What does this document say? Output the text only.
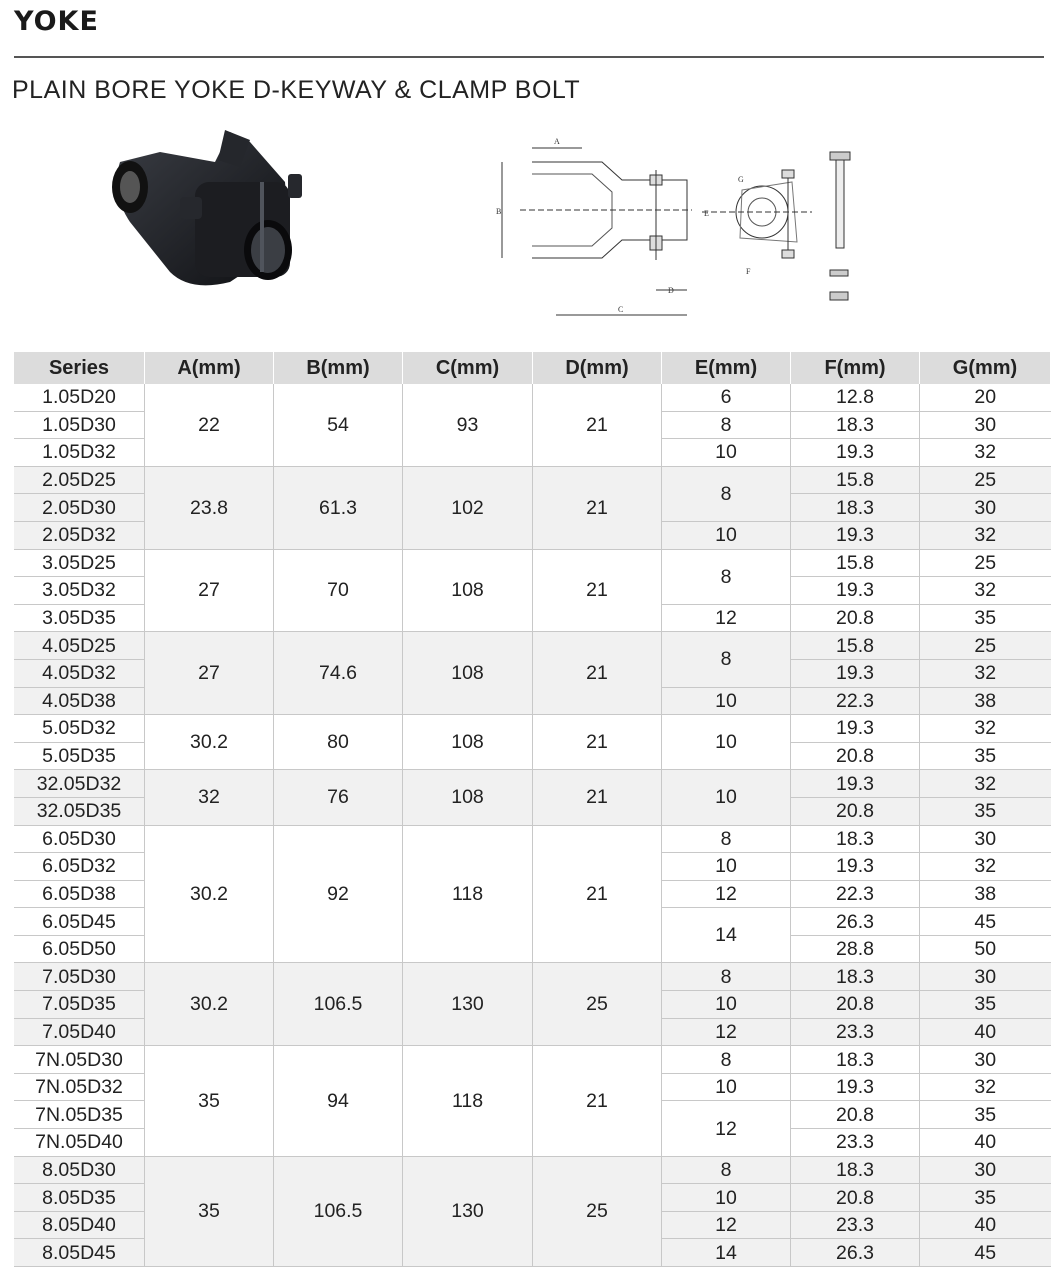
YOKE
PLAIN BORE YOKE D-KEYWAY & CLAMP BOLT
A
B
C
D
E
F
G
Series	A(mm)	B(mm)	C(mm)	D(mm)	E(mm)	F(mm)	G(mm)
1.05D20	22	54	93	21	6	12.8	20
1.05D30					8	18.3	30
1.05D32					10	19.3	32
2.05D25	23.8	61.3	102	21	8	15.8	25
2.05D30						18.3	30
2.05D32					10	19.3	32
3.05D25	27	70	108	21	8	15.8	25
3.05D32						19.3	32
3.05D35					12	20.8	35
4.05D25	27	74.6	108	21	8	15.8	25
4.05D32						19.3	32
4.05D38					10	22.3	38
5.05D32	30.2	80	108	21	10	19.3	32
5.05D35						20.8	35
32.05D32	32	76	108	21	10	19.3	32
32.05D35						20.8	35
6.05D30	30.2	92	118	21	8	18.3	30
6.05D32					10	19.3	32
6.05D38					12	22.3	38
6.05D45					14	26.3	45
6.05D50						28.8	50
7.05D30	30.2	106.5	130	25	8	18.3	30
7.05D35					10	20.8	35
7.05D40					12	23.3	40
7N.05D30	35	94	118	21	8	18.3	30
7N.05D32					10	19.3	32
7N.05D35					12	20.8	35
7N.05D40						23.3	40
8.05D30	35	106.5	130	25	8	18.3	30
8.05D35					10	20.8	35
8.05D40					12	23.3	40
8.05D45					14	26.3	45
